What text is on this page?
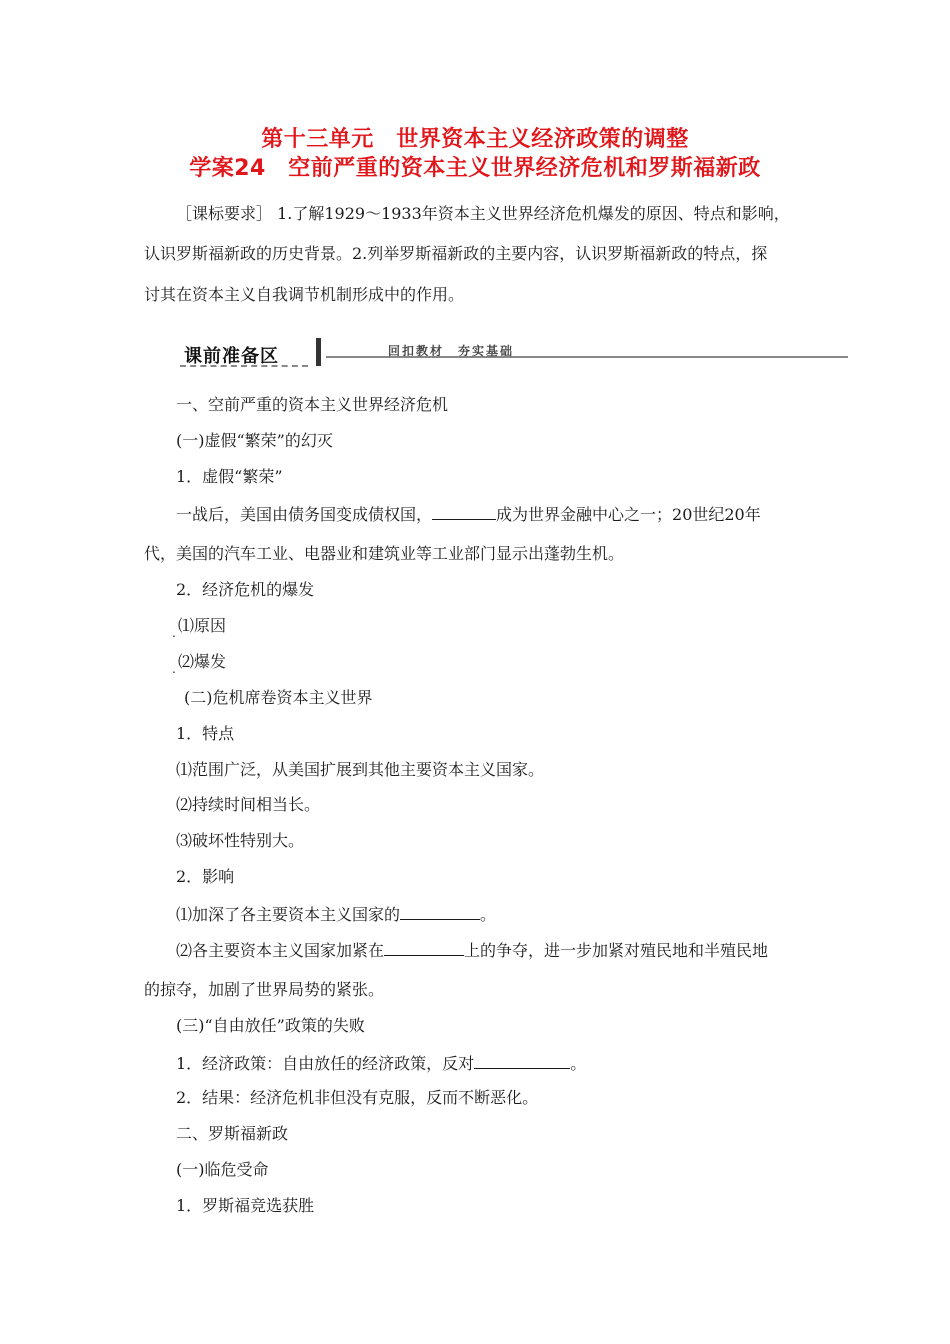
第十三单元　世界资本主义经济政策的调整
学案24　空前严重的资本主义世界经济危机和罗斯福新政
［课标要求］ 1.了解1929～1933年资本主义世界经济危机爆发的原因、特点和影响，
认识罗斯福新政的历史背景。2.列举罗斯福新政的主要内容，认识罗斯福新政的特点，探
讨其在资本主义自我调节机制形成中的作用。
课前准备区	回扣教材　夯实基础
一、空前严重的资本主义世界经济危机
(一)虚假“繁荣”的幻灭
1．虚假“繁荣”
一战后，美国由债务国变成债权国，	成为世界金融中心之一；20世纪20年
代，美国的汽车工业、电器业和建筑业等工业部门显示出蓬勃生机。
2．经济危机的爆发
. ⑴原因
. ⑵爆发
(二)危机席卷资本主义世界
1．特点
⑴范围广泛，从美国扩展到其他主要资本主义国家。
⑵持续时间相当长。
⑶破坏性特别大。
2．影响
⑴加深了各主要资本主义国家的	。
⑵各主要资本主义国家加紧在	上的争夺，进一步加紧对殖民地和半殖民地
的掠夺，加剧了世界局势的紧张。
(三)“自由放任”政策的失败
1．经济政策：自由放任的经济政策，反对	。
2．结果：经济危机非但没有克服，反而不断恶化。
二、罗斯福新政
(一)临危受命
1．罗斯福竞选获胜
